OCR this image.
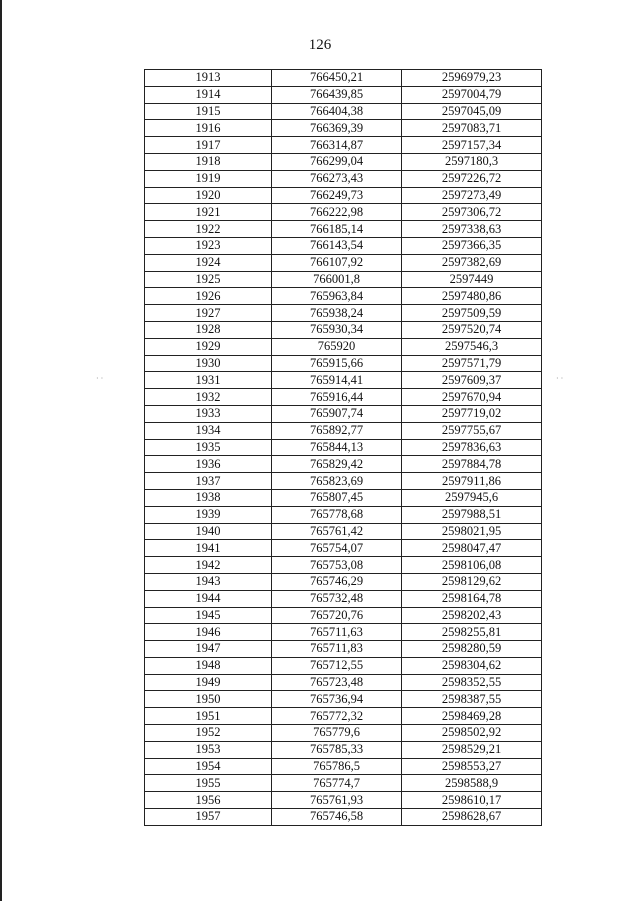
126
· ·	· ·
1913	766450,21	2596979,23
1914	766439,85	2597004,79
1915	766404,38	2597045,09
1916	766369,39	2597083,71
1917	766314,87	2597157,34
1918	766299,04	2597180,3
1919	766273,43	2597226,72
1920	766249,73	2597273,49
1921	766222,98	2597306,72
1922	766185,14	2597338,63
1923	766143,54	2597366,35
1924	766107,92	2597382,69
1925	766001,8	2597449
1926	765963,84	2597480,86
1927	765938,24	2597509,59
1928	765930,34	2597520,74
1929	765920	2597546,3
1930	765915,66	2597571,79
1931	765914,41	2597609,37
1932	765916,44	2597670,94
1933	765907,74	2597719,02
1934	765892,77	2597755,67
1935	765844,13	2597836,63
1936	765829,42	2597884,78
1937	765823,69	2597911,86
1938	765807,45	2597945,6
1939	765778,68	2597988,51
1940	765761,42	2598021,95
1941	765754,07	2598047,47
1942	765753,08	2598106,08
1943	765746,29	2598129,62
1944	765732,48	2598164,78
1945	765720,76	2598202,43
1946	765711,63	2598255,81
1947	765711,83	2598280,59
1948	765712,55	2598304,62
1949	765723,48	2598352,55
1950	765736,94	2598387,55
1951	765772,32	2598469,28
1952	765779,6	2598502,92
1953	765785,33	2598529,21
1954	765786,5	2598553,27
1955	765774,7	2598588,9
1956	765761,93	2598610,17
1957	765746,58	2598628,67
